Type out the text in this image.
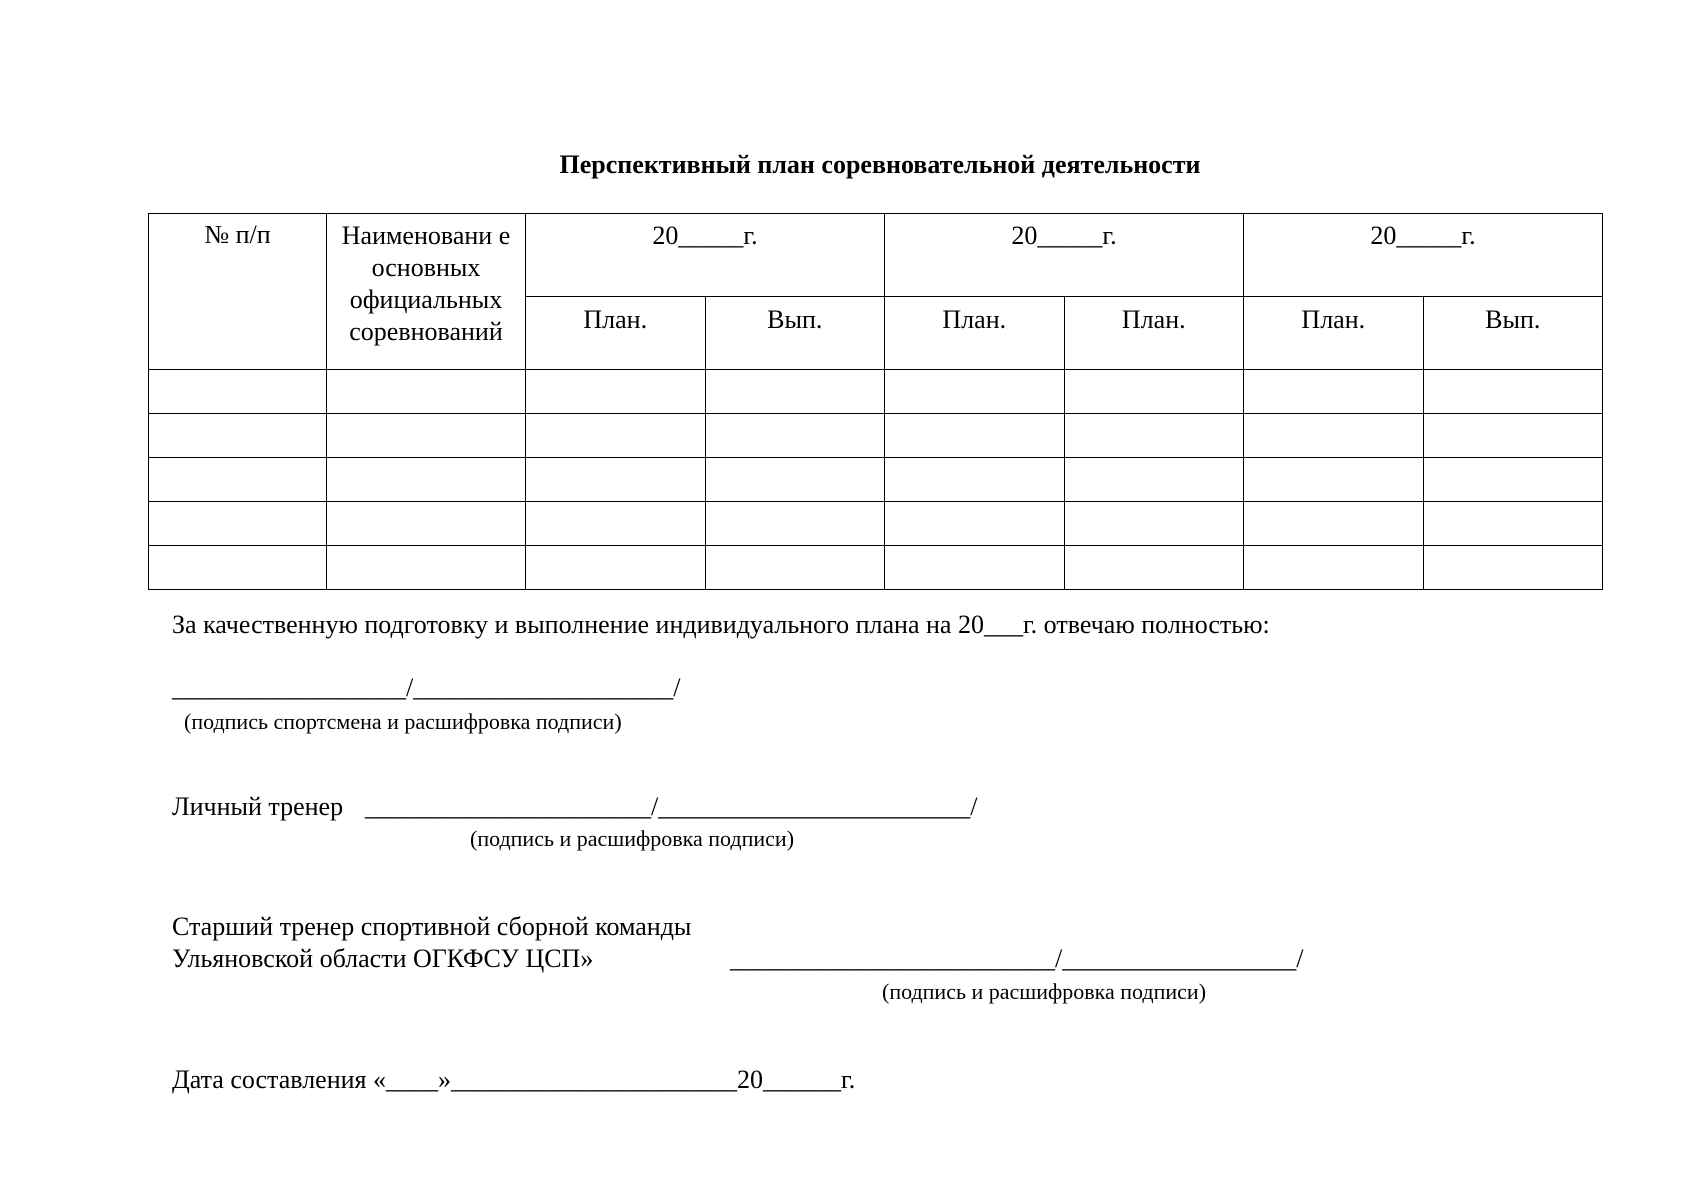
Перспективный план соревновательной деятельности
№ п/п	Наименовани е основных официальных соревнований	20_____г.		20_____г.		20_____г.	
		План.	Вып.	План.	План.	План.	Вып.

За качественную подготовку и выполнение индивидуального плана на 20___г. отвечаю полностью:
__________________/____________________/
(подпись спортсмена и расшифровка подписи)
Личный тренер ______________________/________________________/
(подпись и расшифровка подписи)
Старший тренер спортивной сборной команды
Ульяновской области ОГКФСУ ЦСП»	_________________________/__________________/
(подпись и расшифровка подписи)
Дата составления «____»______________________20______г.
